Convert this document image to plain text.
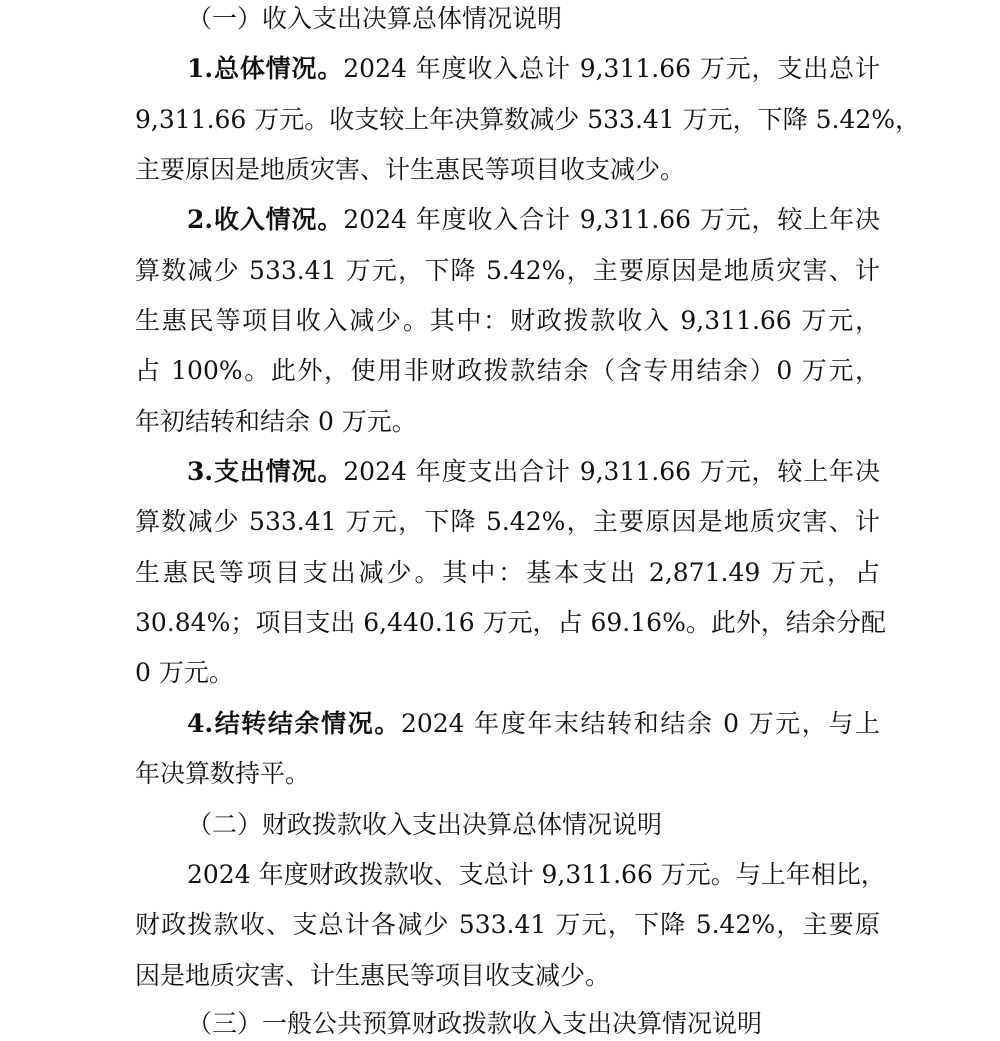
（一）收入支出决算总体情况说明
1.总体情况。2024 年度收入总计 9,311.66 万元，支出总计
9,311.66 万元。收支较上年决算数减少 533.41 万元，下降 5.42%，
主要原因是地质灾害、计生惠民等项目收支减少。
2.收入情况。2024 年度收入合计 9,311.66 万元，较上年决
算数减少 533.41 万元，下降 5.42%，主要原因是地质灾害、计
生惠民等项目收入减少。其中：财政拨款收入 9,311.66 万元，
占 100%。此外，使用非财政拨款结余（含专用结余）0 万元，
年初结转和结余 0 万元。
3.支出情况。2024 年度支出合计 9,311.66 万元，较上年决
算数减少 533.41 万元，下降 5.42%，主要原因是地质灾害、计
生惠民等项目支出减少。其中：基本支出 2,871.49 万元，占
30.84%；项目支出 6,440.16 万元，占 69.16%。此外，结余分配
0 万元。
4.结转结余情况。2024 年度年末结转和结余 0 万元，与上
年决算数持平。
（二）财政拨款收入支出决算总体情况说明
2024 年度财政拨款收、支总计 9,311.66 万元。与上年相比，
财政拨款收、支总计各减少 533.41 万元，下降 5.42%，主要原
因是地质灾害、计生惠民等项目收支减少。
（三）一般公共预算财政拨款收入支出决算情况说明
